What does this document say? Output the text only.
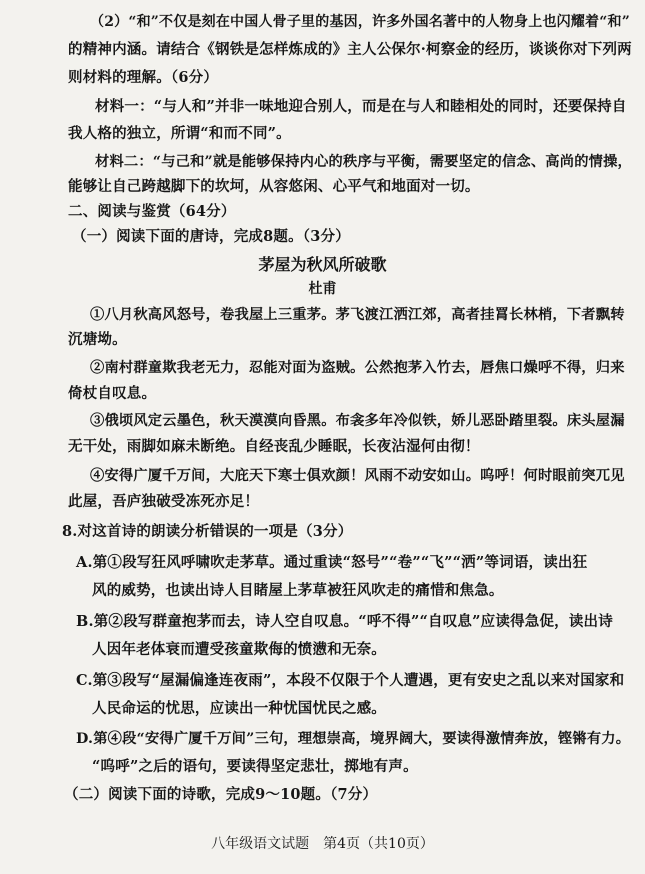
（2）“和”不仅是刻在中国人骨子里的基因，许多外国名著中的人物身上也闪耀着“和”
的精神内涵。请结合《钢铁是怎样炼成的》主人公保尔·柯察金的经历，谈谈你对下列两
则材料的理解。（6分）
材料一：“与人和”并非一味地迎合别人，而是在与人和睦相处的同时，还要保持自
我人格的独立，所谓“和而不同”。
材料二：“与己和”就是能够保持内心的秩序与平衡，需要坚定的信念、高尚的情操，
能够让自己跨越脚下的坎坷，从容悠闲、心平气和地面对一切。
二、阅读与鉴赏（64分）
（一）阅读下面的唐诗，完成8题。（3分）
茅屋为秋风所破歌
杜甫
①八月秋高风怒号，卷我屋上三重茅。茅飞渡江洒江郊，高者挂罥长林梢，下者飘转
沉塘坳。
②南村群童欺我老无力，忍能对面为盗贼。公然抱茅入竹去，唇焦口燥呼不得，归来
倚杖自叹息。
③俄顷风定云墨色，秋天漠漠向昏黑。布衾多年冷似铁，娇儿恶卧踏里裂。床头屋漏
无干处，雨脚如麻未断绝。自经丧乱少睡眠，长夜沾湿何由彻！
④安得广厦千万间，大庇天下寒士俱欢颜！风雨不动安如山。呜呼！何时眼前突兀见
此屋，吾庐独破受冻死亦足！
8.对这首诗的朗读分析错误的一项是（3分）
A.第①段写狂风呼啸吹走茅草。通过重读“怒号”“卷”“飞”“洒”等词语，读出狂
风的威势，也读出诗人目睹屋上茅草被狂风吹走的痛惜和焦急。
B.第②段写群童抱茅而去，诗人空自叹息。“呼不得”“自叹息”应读得急促，读出诗
人因年老体衰而遭受孩童欺侮的愤懑和无奈。
C.第③段写“屋漏偏逢连夜雨”，本段不仅限于个人遭遇，更有安史之乱以来对国家和
人民命运的忧思，应读出一种忧国忧民之感。
D.第④段“安得广厦千万间”三句，理想崇高，境界阔大，要读得激情奔放，铿锵有力。
“呜呼”之后的语句，要读得坚定悲壮，掷地有声。
（二）阅读下面的诗歌，完成9～10题。（7分）
八年级语文试题　第4页（共10页）
